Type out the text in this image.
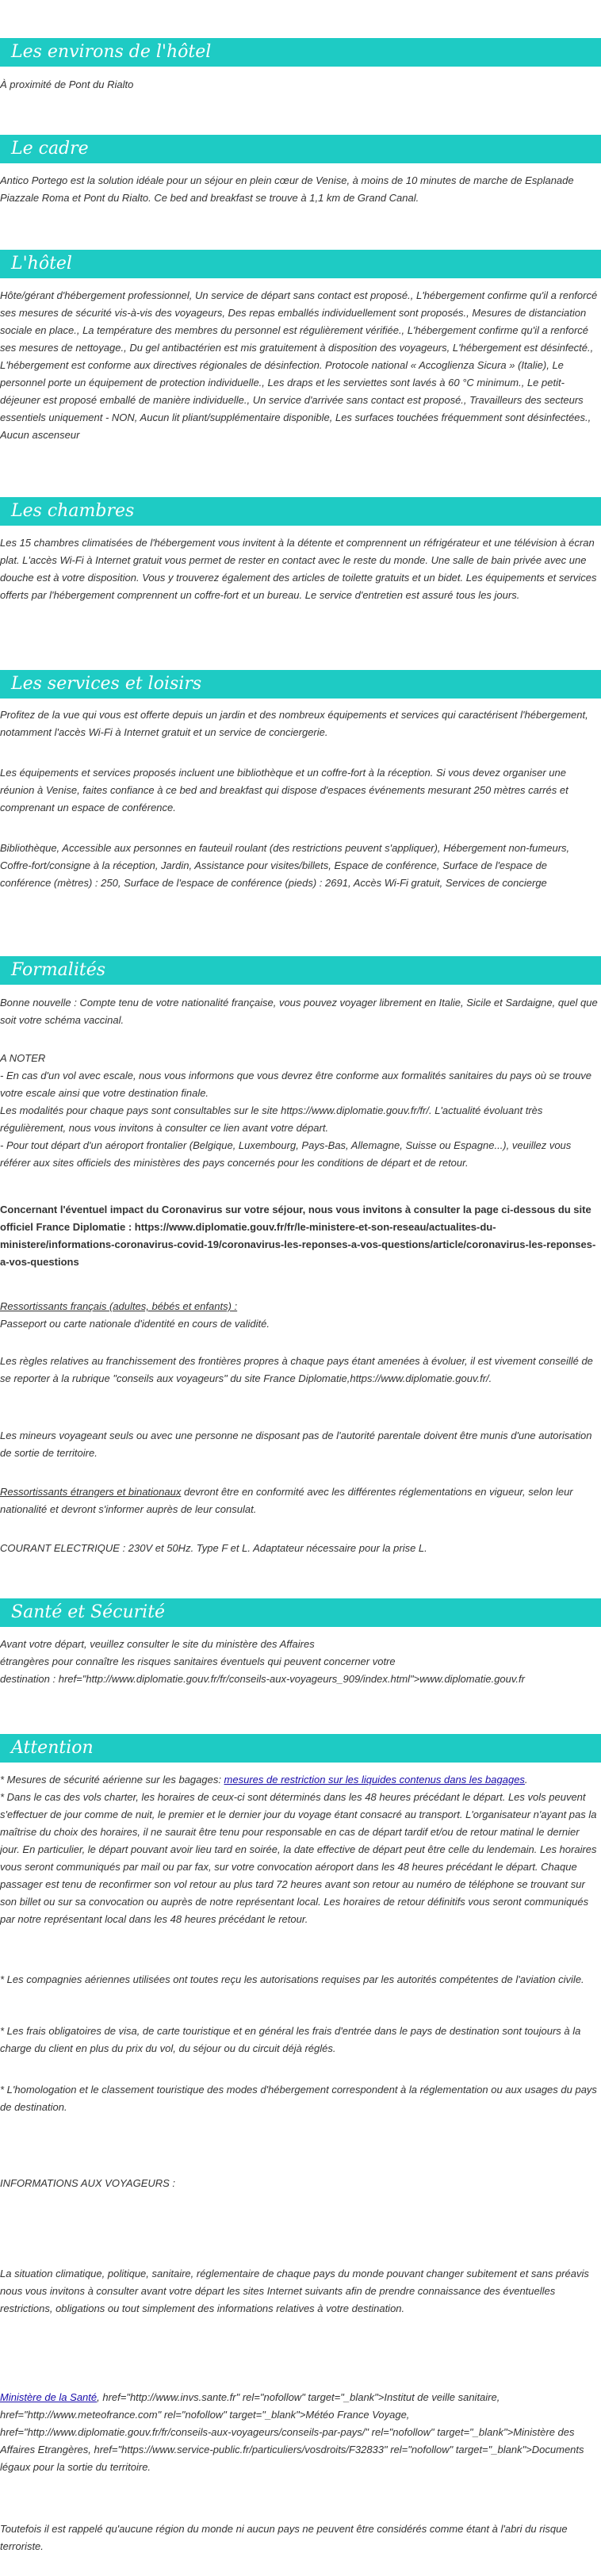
Les environs de l'hôtel
À proximité de Pont du Rialto
Le cadre
Antico Portego est la solution idéale pour un séjour en plein cœur de Venise, à moins de 10 minutes de marche de Esplanade Piazzale Roma et Pont du Rialto. Ce bed and breakfast se trouve à 1,1 km de Grand Canal.
L'hôtel
Hôte/gérant d'hébergement professionnel, Un service de départ sans contact est proposé., L'hébergement confirme qu'il a renforcé ses mesures de sécurité vis-à-vis des voyageurs, Des repas emballés individuellement sont proposés., Mesures de distanciation sociale en place., La température des membres du personnel est régulièrement vérifiée., L'hébergement confirme qu'il a renforcé ses mesures de nettoyage., Du gel antibactérien est mis gratuitement à disposition des voyageurs, L'hébergement est désinfecté., L'hébergement est conforme aux directives régionales de désinfection. Protocole national « Accoglienza Sicura » (Italie), Le personnel porte un équipement de protection individuelle., Les draps et les serviettes sont lavés à 60 °C minimum., Le petit-déjeuner est proposé emballé de manière individuelle., Un service d'arrivée sans contact est proposé., Travailleurs des secteurs essentiels uniquement - NON, Aucun lit pliant/supplémentaire disponible, Les surfaces touchées fréquemment sont désinfectées., Aucun ascenseur
Les chambres
Les 15 chambres climatisées de l'hébergement vous invitent à la détente et comprennent un réfrigérateur et une télévision à écran plat. L'accès Wi-Fi à Internet gratuit vous permet de rester en contact avec le reste du monde. Une salle de bain privée avec une douche est à votre disposition. Vous y trouverez également des articles de toilette gratuits et un bidet. Les équipements et services offerts par l'hébergement comprennent un coffre-fort et un bureau. Le service d'entretien est assuré tous les jours.
Les services et loisirs
Profitez de la vue qui vous est offerte depuis un jardin et des nombreux équipements et services qui caractérisent l'hébergement, notamment l'accès Wi-Fi à Internet gratuit et un service de conciergerie.
Les équipements et services proposés incluent une bibliothèque et un coffre-fort à la réception. Si vous devez organiser une réunion à Venise, faites confiance à ce bed and breakfast qui dispose d'espaces événements mesurant 250 mètres carrés et comprenant un espace de conférence.
Bibliothèque, Accessible aux personnes en fauteuil roulant (des restrictions peuvent s'appliquer), Hébergement non-fumeurs, Coffre-fort/consigne à la réception, Jardin, Assistance pour visites/billets, Espace de conférence, Surface de l'espace de conférence (mètres) : 250, Surface de l'espace de conférence (pieds) : 2691, Accès Wi-Fi gratuit, Services de concierge
Formalités
Bonne nouvelle : Compte tenu de votre nationalité française, vous pouvez voyager librement en Italie, Sicile et Sardaigne, quel que soit votre schéma vaccinal.

A NOTER

- En cas d'un vol avec escale, nous vous informons que vous devrez être conforme aux formalités sanitaires du pays où se trouve votre escale ainsi que votre destination finale.

Les modalités pour chaque pays sont consultables sur le site https://www.diplomatie.gouv.fr/fr/. L'actualité évoluant très régulièrement, nous vous invitons à consulter ce lien avant votre départ.

- Pour tout départ d'un aéroport frontalier (Belgique, Luxembourg, Pays-Bas, Allemagne, Suisse ou Espagne...), veuillez vous référer aux sites officiels des ministères des pays concernés pour les conditions de départ et de retour.

Concernant l'éventuel impact du Coronavirus sur votre séjour, nous vous invitons à consulter la page ci-dessous du site officiel France Diplomatie : https://www.diplomatie.gouv.fr/fr/le-ministere-et-son-reseau/actualites-du-ministere/informations-coronavirus-covid-19/coronavirus-les-reponses-a-vos-questions/article/coronavirus-les-reponses-a-vos-questions

Ressortissants français (adultes, bébés et enfants) :

Passeport ou carte nationale d'identité en cours de validité.

Les règles relatives au franchissement des frontières propres à chaque pays étant amenées à évoluer, il est vivement conseillé de se reporter à la rubrique "conseils aux voyageurs" du site France Diplomatie,https://www.diplomatie.gouv.fr/.
Les mineurs voyageant seuls ou avec une personne ne disposant pas de l'autorité parentale doivent être munis d'une autorisation de sortie de territoire.
Ressortissants étrangers et binationaux devront être en conformité avec les différentes réglementations en vigueur, selon leur nationalité et devront s'informer auprès de leur consulat.
COURANT ELECTRIQUE : 230V et 50Hz. Type F et L. Adaptateur nécessaire pour la prise L.
Santé et Sécurité

Avant votre départ, veuillez consulter le site du ministère des Affaires

étrangères pour connaître les risques sanitaires éventuels qui peuvent concerner votre

destination : href="http://www.diplomatie.gouv.fr/fr/conseils-aux-voyageurs_909/index.html">www.diplomatie.gouv.fr

Attention
* Mesures de sécurité aérienne sur les bagages: mesures de restriction sur les liquides contenus dans les bagages.
* Dans le cas des vols charter, les horaires de ceux-ci sont déterminés dans les 48 heures précédant le départ. Les vols peuvent s'effectuer de jour comme de nuit, le premier et le dernier jour du voyage étant consacré au transport. L'organisateur n'ayant pas la maîtrise du choix des horaires, il ne saurait être tenu pour responsable en cas de départ tardif et/ou de retour matinal le dernier jour. En particulier, le départ pouvant avoir lieu tard en soirée, la date effective de départ peut être celle du lendemain. Les horaires vous seront communiqués par mail ou par fax, sur votre convocation aéroport dans les 48 heures précédant le départ. Chaque passager est tenu de reconfirmer son vol retour au plus tard 72 heures avant son retour au numéro de téléphone se trouvant sur son billet ou sur sa convocation ou auprès de notre représentant local. Les horaires de retour définitifs vous seront communiqués par notre représentant local dans les 48 heures précédant le retour.
* Les compagnies aériennes utilisées ont toutes reçu les autorisations requises par les autorités compétentes de l'aviation civile.
* Les frais obligatoires de visa, de carte touristique et en général les frais d'entrée dans le pays de destination sont toujours à la charge du client en plus du prix du vol, du séjour ou du circuit déjà réglés.
* L'homologation et le classement touristique des modes d'hébergement correspondent à la réglementation ou aux usages du pays de destination.
INFORMATIONS AUX VOYAGEURS :

La situation climatique, politique, sanitaire, réglementaire de chaque pays du monde pouvant changer subitement et sans préavis

nous vous invitons à consulter avant votre départ les sites Internet suivants afin de prendre connaissance des éventuelles restrictions, obligations ou tout simplement des informations relatives à votre destination.

Ministère de la Santé, href="http://www.invs.sante.fr" rel="nofollow" target="_blank">Institut de veille sanitaire, href="http://www.meteofrance.com" rel="nofollow" target="_blank">Météo France Voyage, href="http://www.diplomatie.gouv.fr/fr/conseils-aux-voyageurs/conseils-par-pays/" rel="nofollow" target="_blank">Ministère des Affaires Etrangères, href="https://www.service-public.fr/particuliers/vosdroits/F32833" rel="nofollow" target="_blank">Documents légaux pour la sortie du territoire.
Toutefois il est rappelé qu'aucune région du monde ni aucun pays ne peuvent être considérés comme étant à l'abri du risque terroriste.
